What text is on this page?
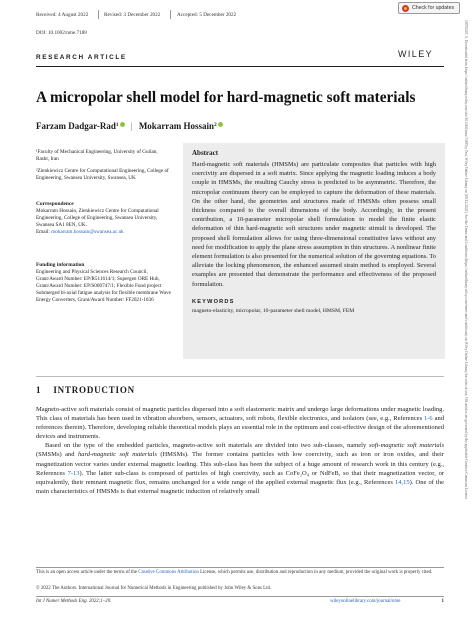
Received: 4 August 2022	Revised: 3 December 2022	Accepted: 5 December 2022
DOI: 10.1002/nme.7188
Check for updates
WILEY
RESEARCH ARTICLE
A micropolar shell model for hard-magnetic soft materials
Farzam Dadgar-Rad$^1$ | Mokarram Hossain$^2$
¹Faculty of Mechanical Engineering, University of Guilan, Rasht, Iran
²Zienkiewicz Centre for Computational Engineering, College of Engineering, Swansea University, Swansea, UK
Correspondence
Mokarram Hossain, Zienkiewicz Centre for Computational Engineering, College of Engineering, Swansea University, Swansea SA1 8EN, UK.
Email: mokarram.hossain@swansea.ac.uk
Funding information
Engineering and Physical Sciences Research Council, Grant/Award Number: EP/R511614/1; Supergen ORE Hub, Grant/Award Number: EP/S000747/1; Flexible Fund project Submerged bi-axial fatigue analysis for flexible membrane Wave Energy Converters, Grant/Award Number: FF2021-1036
Abstract
Hard-magnetic soft materials (HMSMs) are particulate composites that particles with high coercivity are dispersed in a soft matrix. Since applying the magnetic loading induces a body couple in HMSMs, the resulting Cauchy stress is predicted to be asymmetric. Therefore, the micropolar continuum theory can be employed to capture the deformation of these materials. On the other hand, the geometries and structures made of HMSMs often possess small thickness compared to the overall dimensions of the body. Accordingly, in the present contribution, a 10-parameter micropolar shell formulation to model the finite elastic deformation of thin hard-magnetic soft structures under magnetic stimuli is developed. The proposed shell formulation allows for using three-dimensional constitutive laws without any need for modification to apply the plane stress assumption in thin structures. A nonlinear finite element formulation is also presented for the numerical solution of the governing equations. To alleviate the locking phenomenon, the enhanced assumed strain method is employed. Several examples are presented that demonstrate the performance and effectiveness of the proposed formulation.
KEYWORDS
magneto-elasticity, micropolar, 10-parameter shell model, HMSM, FEM
1 INTRODUCTION

Magneto-active soft materials consist of magnetic particles dispersed into a soft elastomeric matrix and undergo large deformations under magnetic loading. This class of materials has been used in vibration absorbers, sensors, actuators, soft robots, flexible electronics, and isolators (see, e.g., References 1-6 and references therein). Therefore, developing reliable theoretical models plays an essential role in the optimum and cost-effective design of the aforementioned devices and instruments.

Based on the type of the embedded particles, magneto-active soft materials are divided into two sub-classes, namely soft-magnetic soft materials (SMSMs) and hard-magnetic soft materials (HMSMs). The former contains particles with low coercivity, such as iron or iron oxides, and their magnetization vector varies under external magnetic loading. This sub-class has been the subject of a huge amount of research work in this century (e.g., References 7-13). The latter sub-class is composed of particles of high coercivity, such as CoFe₂O₄ or NdFeB, so that their magnetization vector, or equivalently, their remnant magnetic flux, remains unchanged for a wide range of the applied external magnetic flux (e.g., References 14,15). One of the main characteristics of HMSMs is that external magnetic induction of relatively small

This is an open access article under the terms of the Creative Commons Attribution License, which permits use, distribution and reproduction in any medium, provided the original work is properly cited.
© 2022 The Authors. International Journal for Numerical Methods in Engineering published by John Wiley & Sons Ltd.
Int J Numer Methods Eng. 2022;1–20.	wileyonlinelibrary.com/journal/nme	1
10970207, 0, Downloaded from https://onlinelibrary.wiley.com/doi/10.1002/nme.7188 by Test, Wiley Online Library on [05/12/2022]. See the Terms and Conditions (https://onlinelibrary.wiley.com/terms-and-conditions) on Wiley Online Library for rules of use; OA articles are governed by the applicable Creative Commons License
